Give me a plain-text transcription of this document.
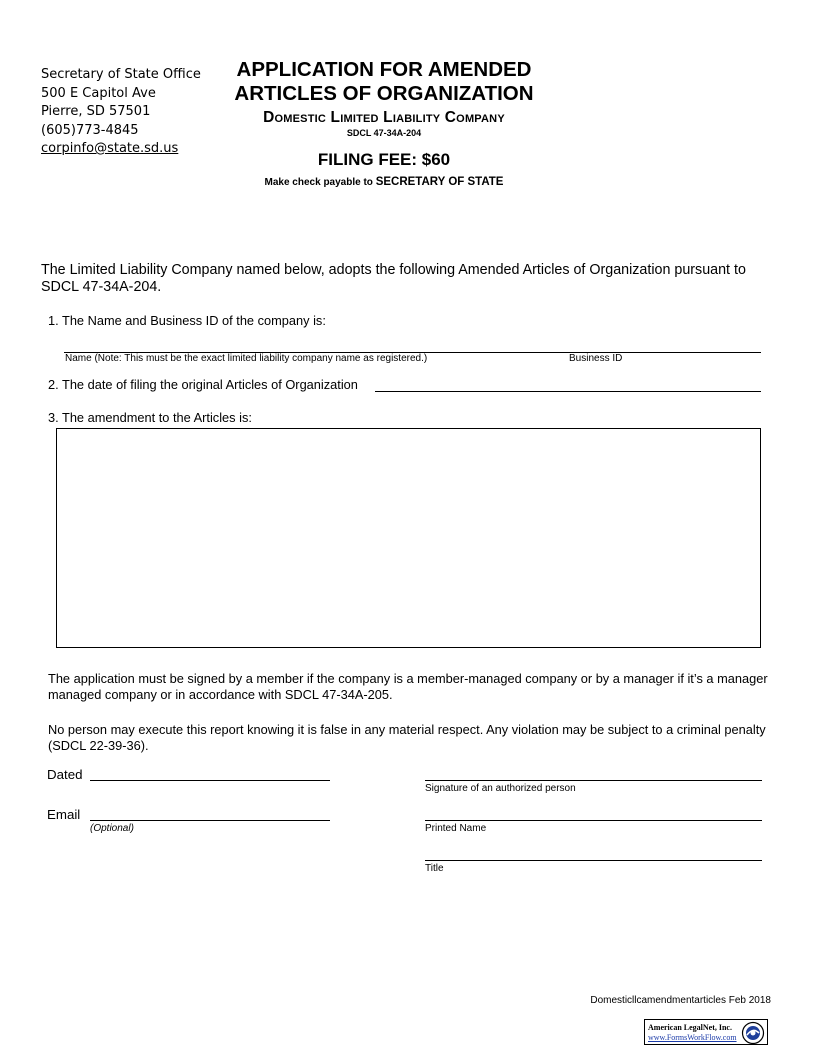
Secretary of State Office
500 E Capitol Ave
Pierre, SD 57501
(605)773-4845
corpinfo@state.sd.us
APPLICATION FOR AMENDED
ARTICLES OF ORGANIZATION
Domestic Limited Liability Company
SDCL 47-34A-204
FILING FEE: $60
Make check payable to SECRETARY OF STATE
The Limited Liability Company named below, adopts the following Amended Articles of Organization pursuant to SDCL 47-34A-204.
1. The Name and Business ID of the company is:
Name (Note: This must be the exact limited liability company name as registered.)	Business ID
2. The date of filing the original Articles of Organization
3. The amendment to the Articles is:
The application must be signed by a member if the company is a member-managed company or by a manager if it’s a manager managed company or in accordance with SDCL 47-34A-205.
No person may execute this report knowing it is false in any material respect. Any violation may be subject to a criminal penalty (SDCL 22-39-36).
Dated
Email
(Optional)
Signature of an authorized person
Printed Name
Title
Domesticllcamendmentarticles Feb 2018
American LegalNet, Inc.
www.FormsWorkFlow.com
